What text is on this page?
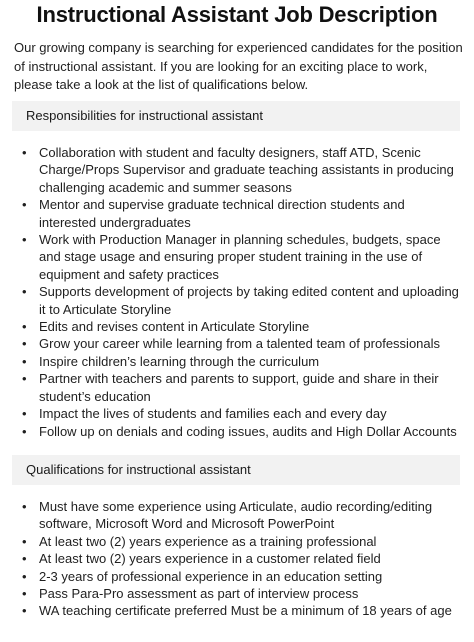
Instructional Assistant Job Description
Our growing company is searching for experienced candidates for the position of instructional assistant. If you are looking for an exciting place to work, please take a look at the list of qualifications below.
Responsibilities for instructional assistant
• Collaboration with student and faculty designers, staff ATD, Scenic Charge/Props Supervisor and graduate teaching assistants in producing challenging academic and summer seasons
• Mentor and supervise graduate technical direction students and interested undergraduates
• Work with Production Manager in planning schedules, budgets, space and stage usage and ensuring proper student training in the use of equipment and safety practices
• Supports development of projects by taking edited content and uploading it to Articulate Storyline
• Edits and revises content in Articulate Storyline
• Grow your career while learning from a talented team of professionals
• Inspire children’s learning through the curriculum
• Partner with teachers and parents to support, guide and share in their student’s education
• Impact the lives of students and families each and every day
• Follow up on denials and coding issues, audits and High Dollar Accounts
Qualifications for instructional assistant
• Must have some experience using Articulate, audio recording/editing software, Microsoft Word and Microsoft PowerPoint
• At least two (2) years experience as a training professional
• At least two (2) years experience in a customer related field
• 2-3 years of professional experience in an education setting
• Pass Para-Pro assessment as part of interview process
• WA teaching certificate preferred Must be a minimum of 18 years of age
